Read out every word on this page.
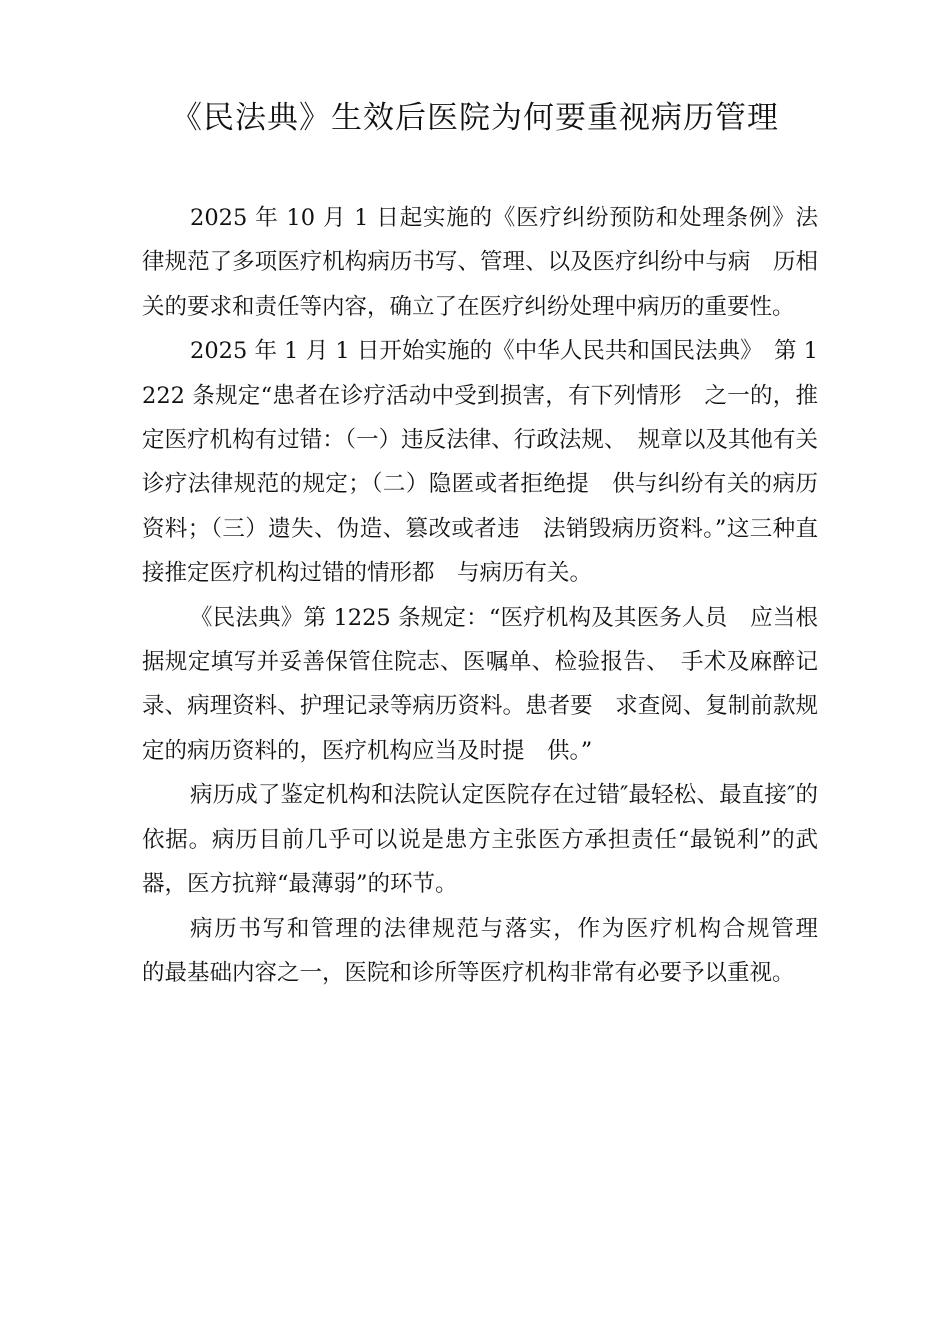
《民法典》生效后医院为何要重视病历管理

2025 年 10 月 1 日起实施的《医疗纠纷预防和处理条例》法律规范了多项医疗机构病历书写、管理、以及医疗纠纷中与病　历相关的要求和责任等内容，确立了在医疗纠纷处理中病历的重要性。

2025 年 1 月 1 日开始实施的《中华人民共和国民法典》　第 1222 条规定“患者在诊疗活动中受到损害，有下列情形　之一的，推定医疗机构有过错：（一）违反法律、行政法规、　规章以及其他有关诊疗法律规范的规定；（二）隐匿或者拒绝提　供与纠纷有关的病历资料；（三）遗失、伪造、篡改或者违　法销毁病历资料。”这三种直接推定医疗机构过错的情形都　与病历有关。

《民法典》第 1225 条规定：“医疗机构及其医务人员　应当根据规定填写并妥善保管住院志、医嘱单、检验报告、　手术及麻醉记录、病理资料、护理记录等病历资料。患者要　求查阅、复制前款规定的病历资料的，医疗机构应当及时提　供。”

病历成了鉴定机构和法院认定医院存在过错″最轻松、最直接″的依据。病历目前几乎可以说是患方主张医方承担责任“最锐利”的武器，医方抗辩“最薄弱”的环节。

病历书写和管理的法律规范与落实，作为医疗机构合规管理　的最基础内容之一，医院和诊所等医疗机构非常有必要予以重视。
